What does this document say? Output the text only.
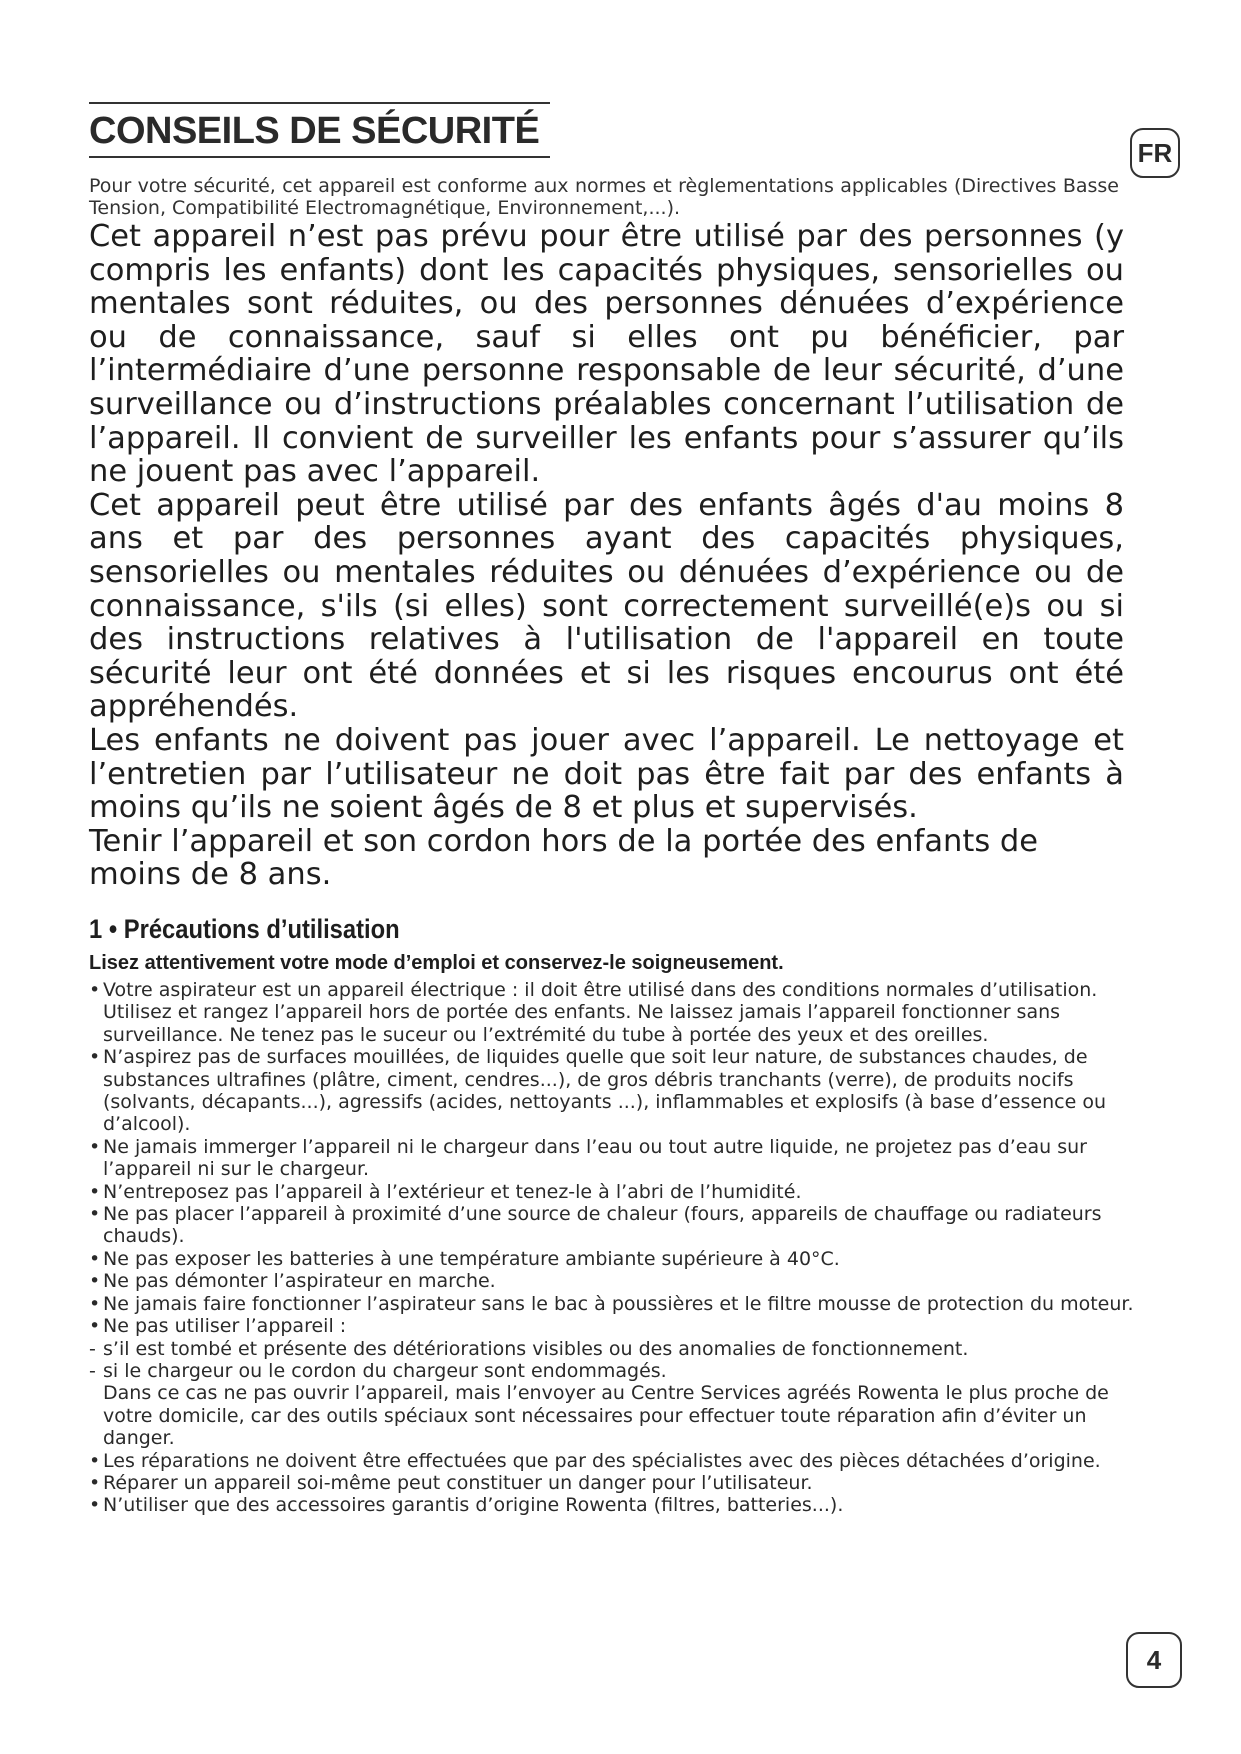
CONSEILS DE SÉCURITÉ
FR
Pour votre sécurité, cet appareil est conforme aux normes et règlementations applicables (Directives Basse Tension, Compatibilité Electromagnétique, Environnement,...).

Cet appareil n’est pas prévu pour être utilisé par des personnes (y compris les enfants) dont les capacités physiques, sensorielles ou mentales sont réduites, ou des personnes dénuées d’expérience ou de connaissance, sauf si elles ont pu bénéficier, par l’intermédiaire d’une personne responsable de leur sécurité, d’une surveillance ou d’instructions préalables concernant l’utilisation de l’appareil. Il convient de surveiller les enfants pour s’assurer qu’ils ne jouent pas avec l’appareil.

Cet appareil peut être utilisé par des enfants âgés d'au moins 8 ans et par des personnes ayant des capacités physiques, sensorielles ou mentales réduites ou dénuées d’expérience ou de connaissance, s'ils (si elles) sont correctement surveillé(e)s ou si des instructions relatives à l'utilisation de l'appareil en toute sécurité leur ont été données et si les risques encourus ont été appréhendés.

Les enfants ne doivent pas jouer avec l’appareil. Le nettoyage et l’entretien par l’utilisateur ne doit pas être fait par des enfants à moins qu’ils ne soient âgés de 8 et plus et supervisés.

Tenir l’appareil et son cordon hors de la portée des enfants de moins de 8 ans.

1 • Précautions d’utilisation
Lisez attentivement votre mode d’emploi et conservez-le soigneusement.
• Votre aspirateur est un appareil électrique : il doit être utilisé dans des conditions normales d’utilisation. Utilisez et rangez l’appareil hors de portée des enfants. Ne laissez jamais l’appareil fonctionner sans surveillance. Ne tenez pas le suceur ou l’extrémité du tube à portée des yeux et des oreilles.
• N’aspirez pas de surfaces mouillées, de liquides quelle que soit leur nature, de substances chaudes, de substances ultrafines (plâtre, ciment, cendres...), de gros débris tranchants (verre), de produits nocifs (solvants, décapants...), agressifs (acides, nettoyants ...), inflammables et explosifs (à base d’essence ou d’alcool).
• Ne jamais immerger l’appareil ni le chargeur dans l’eau ou tout autre liquide, ne projetez pas d’eau sur l’appareil ni sur le chargeur.
• N’entreposez pas l’appareil à l’extérieur et tenez-le à l’abri de l’humidité.
• Ne pas placer l’appareil à proximité d’une source de chaleur (fours, appareils de chauffage ou radiateurs chauds).
• Ne pas exposer les batteries à une température ambiante supérieure à 40°C.
• Ne pas démonter l’aspirateur en marche.
• Ne jamais faire fonctionner l’aspirateur sans le bac à poussières et le filtre mousse de protection du moteur.
• Ne pas utiliser l’appareil :
- s’il est tombé et présente des détériorations visibles ou des anomalies de fonctionnement.
- si le chargeur ou le cordon du chargeur sont endommagés.
Dans ce cas ne pas ouvrir l’appareil, mais l’envoyer au Centre Services agréés Rowenta le plus proche de votre domicile, car des outils spéciaux sont nécessaires pour effectuer toute réparation afin d’éviter un danger.
• Les réparations ne doivent être effectuées que par des spécialistes avec des pièces détachées d’origine.
• Réparer un appareil soi-même peut constituer un danger pour l’utilisateur.
• N’utiliser que des accessoires garantis d’origine Rowenta (filtres, batteries...).
4
